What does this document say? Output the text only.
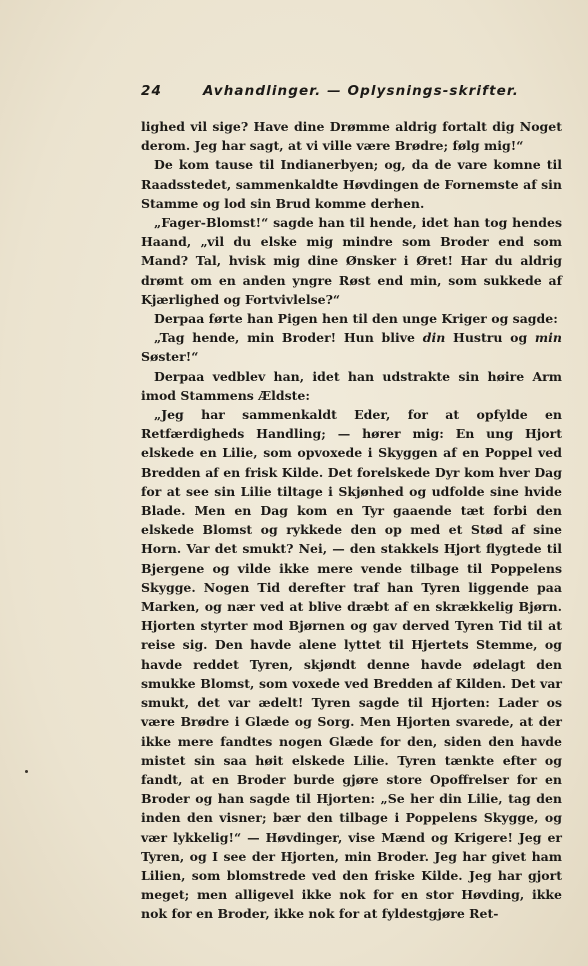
24	Avhandlinger. — Oplysnings-skrifter.

lighed vil sige? Have dine Drømme aldrig fortalt dig Noget derom. Jeg har sagt, at vi ville være Brødre; følg mig!“

De kom tause til Indianerbyen; og, da de vare komne til Raadsstedet, sammenkaldte Høvdingen de Fornemste af sin Stamme og lod sin Brud komme derhen.

„Fager-Blomst!“ sagde han til hende, idet han tog hendes Haand, „vil du elske mig mindre som Broder end som Mand? Tal, hvisk mig dine Ønsker i Øret! Har du aldrig drømt om en anden yngre Røst end min, som sukkede af Kjærlighed og Fortvivlelse?“

Derpaa førte han Pigen hen til den unge Kriger og sagde:

„Tag hende, min Broder! Hun blive din Hustru og min Søster!“

Derpaa vedblev han, idet han udstrakte sin høire Arm imod Stammens Ældste:

„Jeg har sammenkaldt Eder, for at opfylde en Retfærdigheds Handling; — hører mig: En ung Hjort elskede en Lilie, som opvoxede i Skyggen af en Poppel ved Bredden af en frisk Kilde. Det forelskede Dyr kom hver Dag for at see sin Lilie tiltage i Skjønhed og udfolde sine hvide Blade. Men en Dag kom en Tyr gaaende tæt forbi den elskede Blomst og rykkede den op med et Stød af sine Horn. Var det smukt? Nei, — den stakkels Hjort flygtede til Bjergene og vilde ikke mere vende tilbage til Poppelens Skygge. Nogen Tid derefter traf han Tyren liggende paa Marken, og nær ved at blive dræbt af en skrækkelig Bjørn. Hjorten styrter mod Bjørnen og gav derved Tyren Tid til at reise sig. Den havde alene lyttet til Hjertets Stemme, og havde reddet Tyren, skjøndt denne havde ødelagt den smukke Blomst, som voxede ved Bredden af Kilden. Det var smukt, det var ædelt! Tyren sagde til Hjorten: Lader os være Brødre i Glæde og Sorg. Men Hjorten svarede, at der ikke mere fandtes nogen Glæde for den, siden den havde mistet sin saa høit elskede Lilie. Tyren tænkte efter og fandt, at en Broder burde gjøre store Opoffrelser for en Broder og han sagde til Hjorten: „Se her din Lilie, tag den inden den visner; bær den tilbage i Poppelens Skygge, og vær lykkelig!“ — Høvdinger, vise Mænd og Krigere! Jeg er Tyren, og I see der Hjorten, min Broder. Jeg har givet ham Lilien, som blomstrede ved den friske Kilde. Jeg har gjort meget; men alligevel ikke nok for en stor Høvding, ikke nok for en Broder, ikke nok for at fyldestgjøre Ret-
